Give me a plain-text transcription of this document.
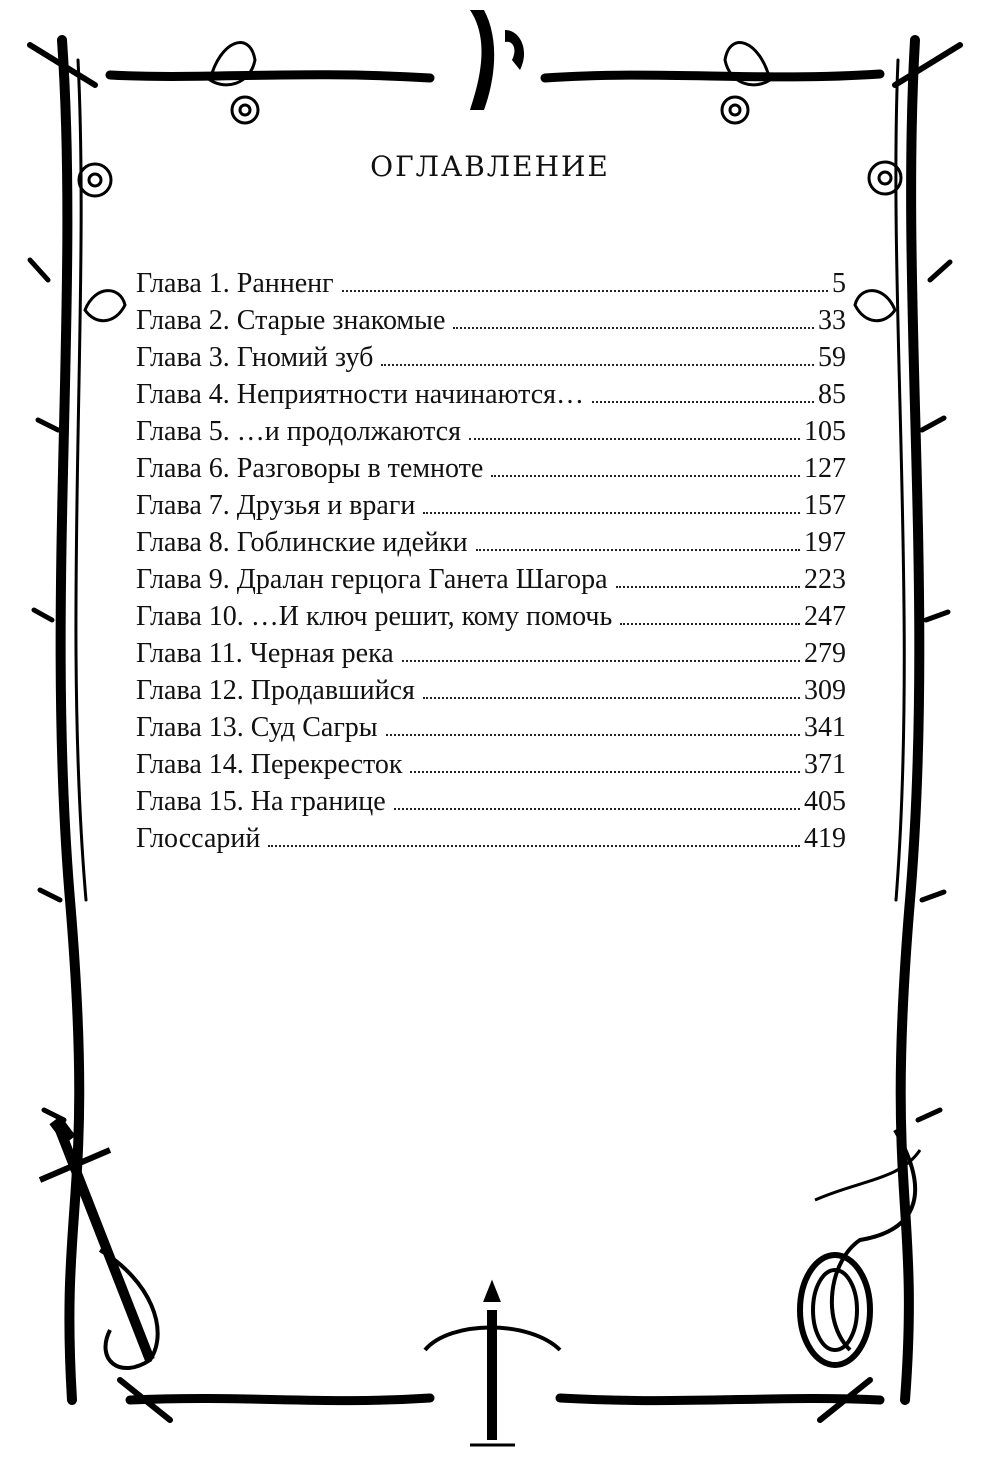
ОГЛАВЛЕНИЕ
Глава 1. Ранненг	5
Глава 2. Старые знакомые	33
Глава 3. Гномий зуб	59
Глава 4. Неприятности начинаются…	85
Глава 5. …и продолжаются	105
Глава 6. Разговоры в темноте	127
Глава 7. Друзья и враги	157
Глава 8. Гоблинские идейки	197
Глава 9. Дралан герцога Ганета Шагора	223
Глава 10. …И ключ решит, кому помочь	247
Глава 11. Черная река	279
Глава 12. Продавшийся	309
Глава 13. Суд Сагры	341
Глава 14. Перекресток	371
Глава 15. На границе	405
Глоссарий	419
